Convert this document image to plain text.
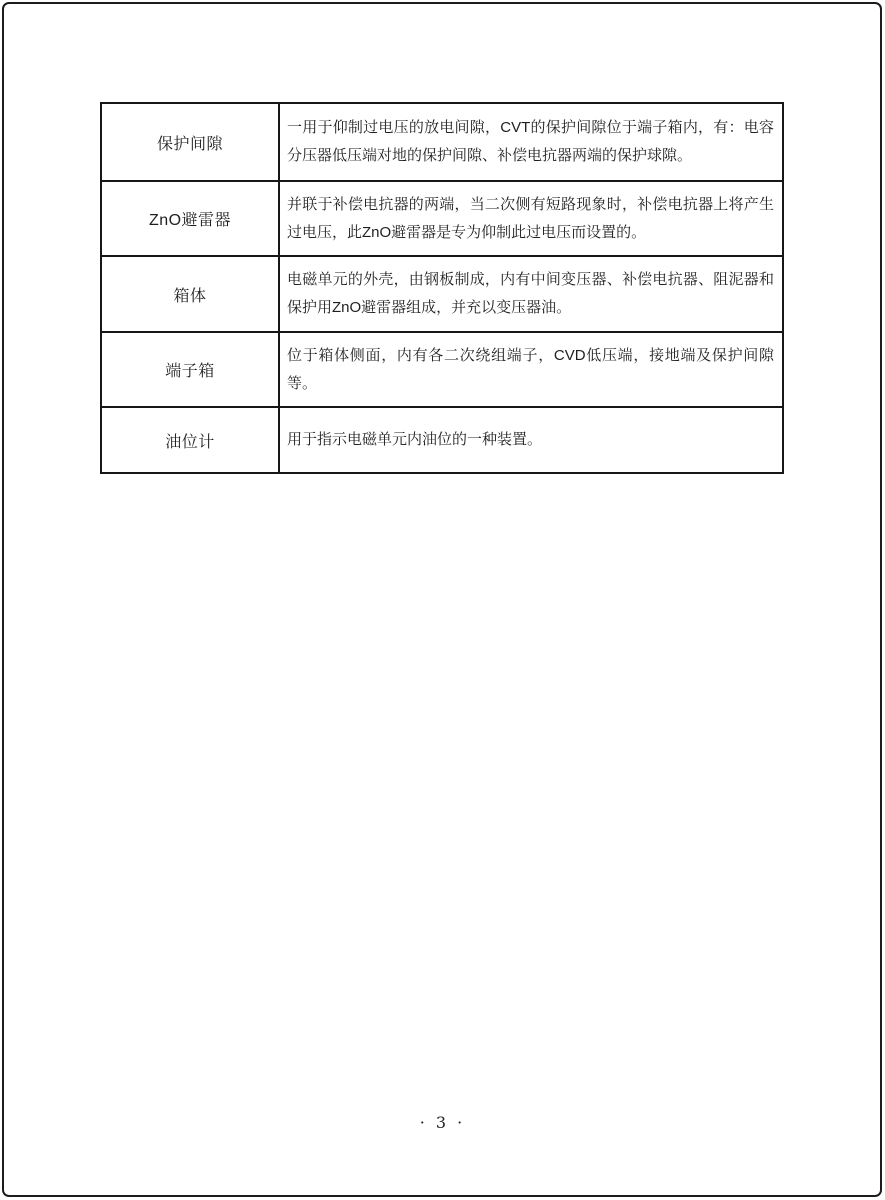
保护间隙
一用于仰制过电压的放电间隙，CVT的保护间隙位于端子箱内，有：电容分压器低压端对地的保护间隙、补偿电抗器两端的保护球隙。
ZnO避雷器
并联于补偿电抗器的两端，当二次侧有短路现象时，补偿电抗器上将产生过电压，此ZnO避雷器是专为仰制此过电压而设置的。
箱体
电磁单元的外壳，由钢板制成，内有中间变压器、补偿电抗器、阻泥器和保护用ZnO避雷器组成，并充以变压器油。
端子箱
位于箱体侧面，内有各二次绕组端子，CVD低压端，接地端及保护间隙等。
油位计	用于指示电磁单元内油位的一种装置。
· 3 ·
